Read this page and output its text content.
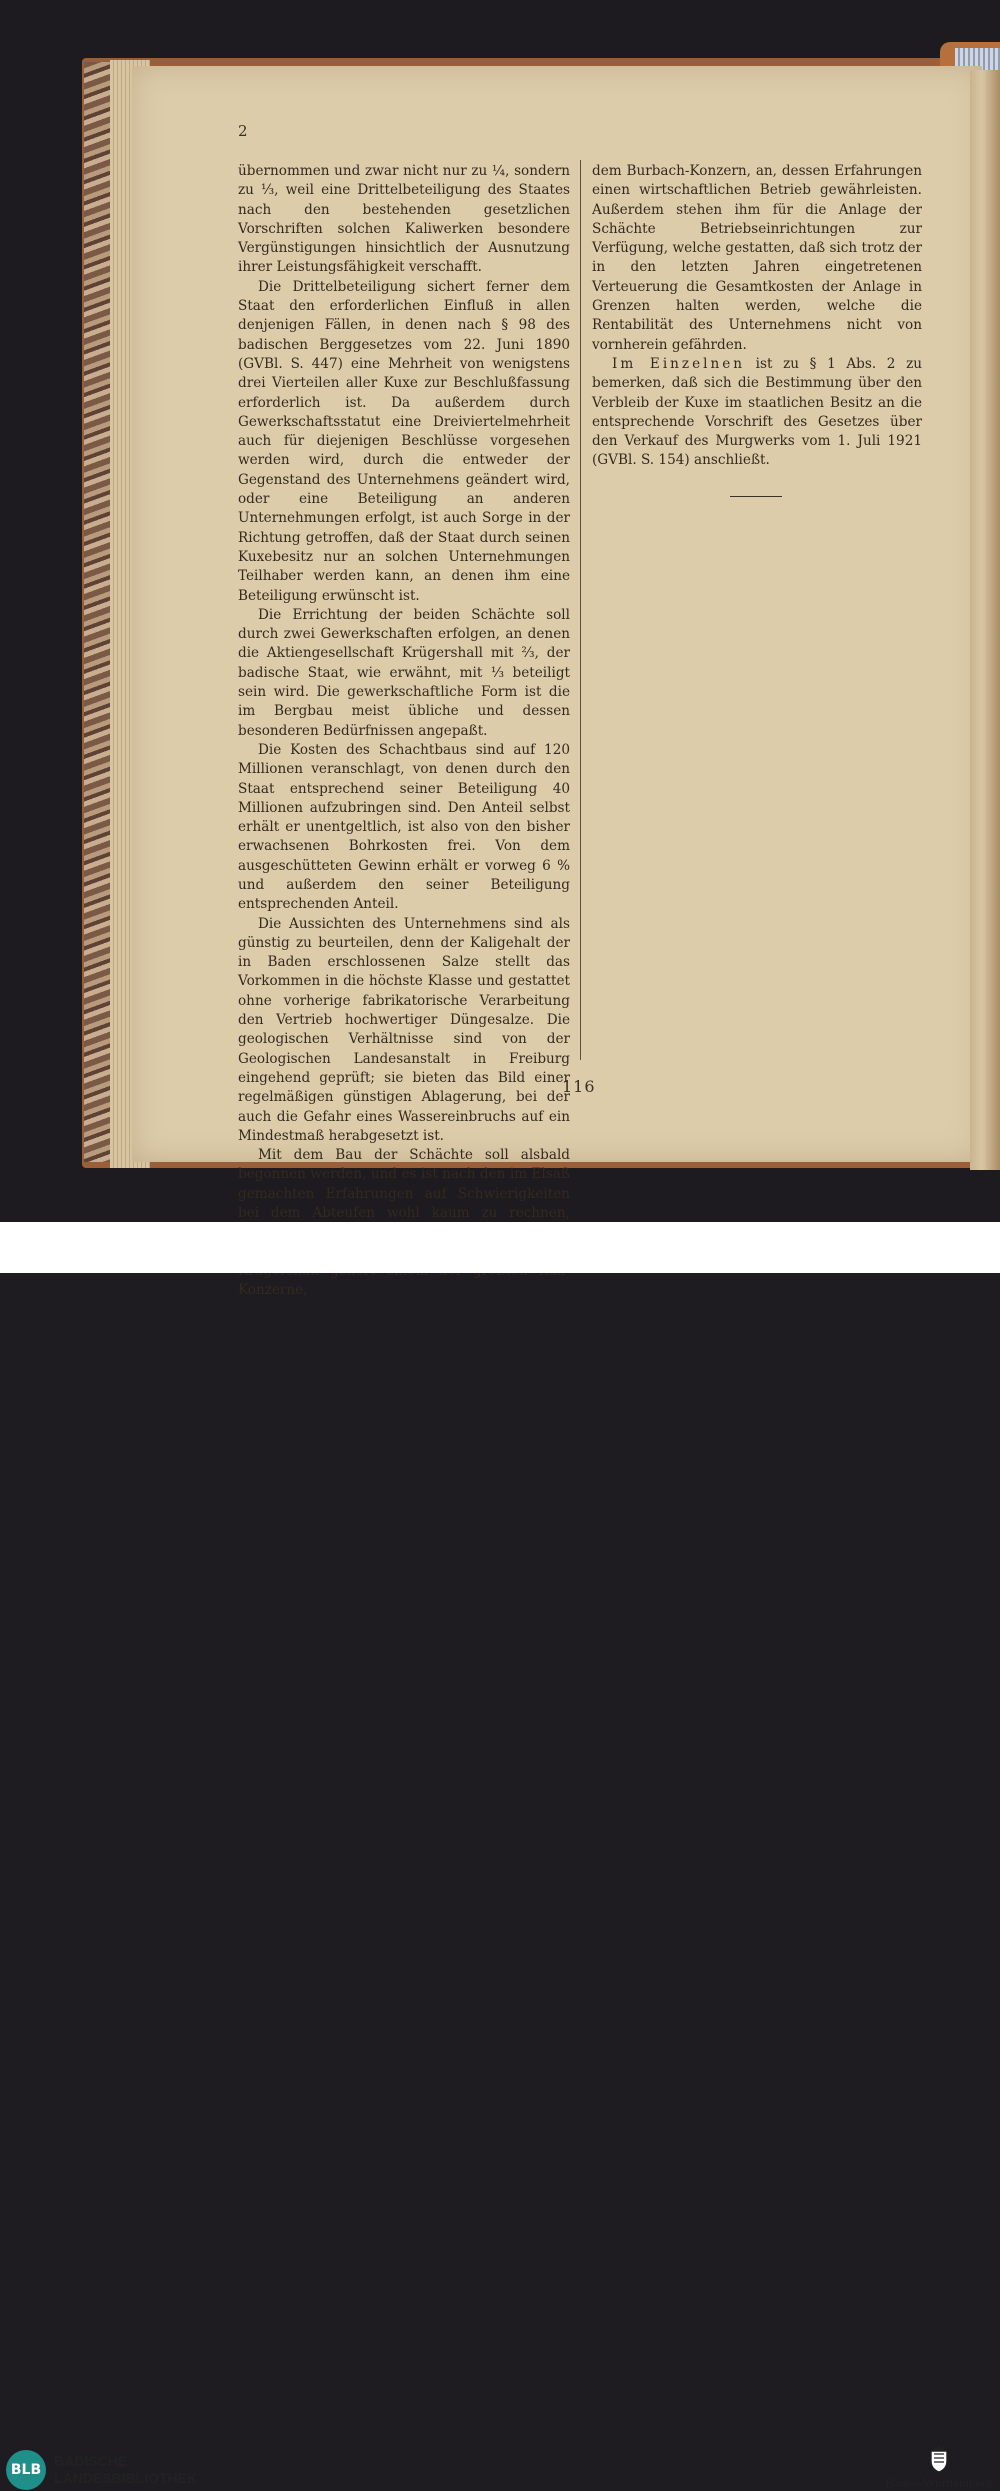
2

übernommen und zwar nicht nur zu ¼, sondern zu ⅓, weil eine Drittelbeteiligung des Staates nach den bestehenden gesetzlichen Vorschriften solchen Kaliwerken besondere Vergünstigungen hinsichtlich der Ausnutzung ihrer Leistungsfähigkeit verschafft.

Die Drittelbeteiligung sichert ferner dem Staat den erforderlichen Einfluß in allen denjenigen Fällen, in denen nach § 98 des badischen Berggesetzes vom 22. Juni 1890 (GVBl. S. 447) eine Mehrheit von wenigstens drei Vierteilen aller Kuxe zur Beschlußfassung erforderlich ist. Da außerdem durch Gewerkschaftsstatut eine Dreiviertelmehrheit auch für diejenigen Beschlüsse vorgesehen werden wird, durch die entweder der Gegenstand des Unternehmens geändert wird, oder eine Beteiligung an anderen Unternehmungen erfolgt, ist auch Sorge in der Richtung getroffen, daß der Staat durch seinen Kuxebesitz nur an solchen Unternehmungen Teilhaber werden kann, an denen ihm eine Beteiligung erwünscht ist.

Die Errichtung der beiden Schächte soll durch zwei Gewerkschaften erfolgen, an denen die Aktiengesellschaft Krügershall mit ⅔, der badische Staat, wie erwähnt, mit ⅓ beteiligt sein wird. Die gewerkschaftliche Form ist die im Bergbau meist übliche und dessen besonderen Bedürfnissen angepaßt.

Die Kosten des Schachtbaus sind auf 120 Millionen veranschlagt, von denen durch den Staat entsprechend seiner Beteiligung 40 Millionen aufzubringen sind. Den Anteil selbst erhält er unentgeltlich, ist also von den bisher erwachsenen Bohrkosten frei. Von dem ausgeschütteten Gewinn erhält er vorweg 6 % und außerdem den seiner Beteiligung entsprechenden Anteil.

Die Aussichten des Unternehmens sind als günstig zu beurteilen, denn der Kaligehalt der in Baden erschlossenen Salze stellt das Vorkommen in die höchste Klasse und gestattet ohne vorherige fabrikatorische Verarbeitung den Vertrieb hochwertiger Düngesalze. Die geologischen Verhältnisse sind von der Geologischen Landesanstalt in Freiburg eingehend geprüft; sie bieten das Bild einer regelmäßigen günstigen Ablagerung, bei der auch die Gefahr eines Wassereinbruchs auf ein Mindestmaß herabgesetzt ist.

Mit dem Bau der Schächte soll alsbald begonnen werden, und es ist nach den im Elsaß gemachten Erfahrungen auf Schwierigkeiten bei dem Abteufen wohl kaum zu rechnen, Konzerne,

dem Burbach-Konzern, an, dessen Erfahrungen einen wirtschaftlichen Betrieb gewährleisten. Außerdem stehen ihm für die Anlage der Schächte Betriebseinrichtungen zur Verfügung, welche gestatten, daß sich trotz der in den letzten Jahren eingetretenen Verteuerung die Gesamtkosten der Anlage in Grenzen halten werden, welche die Rentabilität des Unternehmens nicht von vornherein gefährden.

Im Einzelnen ist zu § 1 Abs. 2 zu bemerken, daß sich die Bestimmung über den Verbleib der Kuxe im staatlichen Besitz an die entsprechende Vorschrift des Gesetzes über den Verkauf des Murgwerks vom 1. Juli 1921 (GVBl. S. 154) anschließt.

116
BLB
BADISCHE
LANDESBIBLIOTHEK	Baden-Württemberg
